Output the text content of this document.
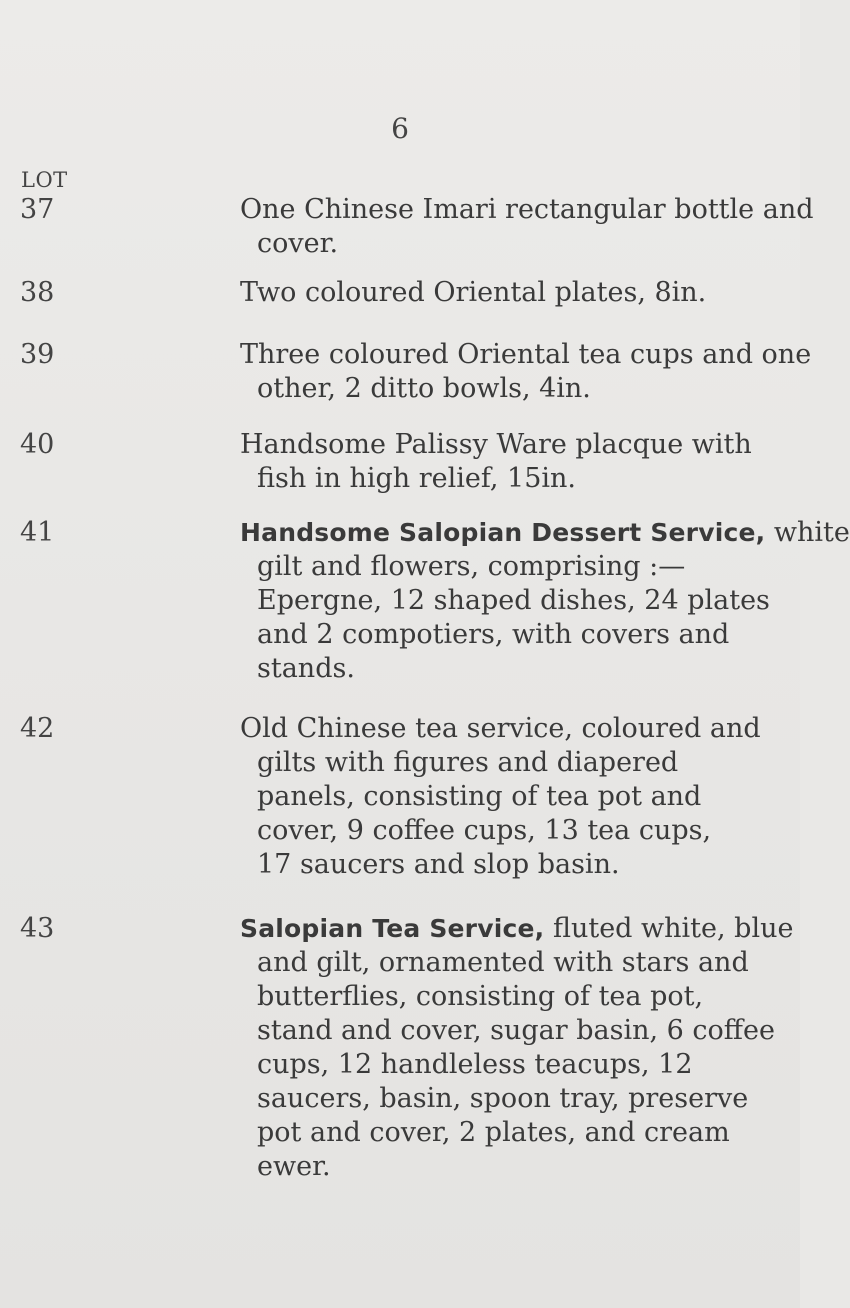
6
LOT
37	One Chinese Imari rectangular bottle and
cover.
38	Two coloured Oriental plates, 8in.
39	Three coloured Oriental tea cups and one
other, 2 ditto bowls, 4in.
40	Handsome Palissy Ware placque with
fish in high relief, 15in.
41	Handsome Salopian Dessert Service, white
gilt and flowers, comprising :—
Epergne, 12 shaped dishes, 24 plates
and 2 compotiers, with covers and
stands.
42	Old Chinese tea service, coloured and
gilts with figures and diapered
panels, consisting of tea pot and
cover, 9 coffee cups, 13 tea cups,
17 saucers and slop basin.
43	Salopian Tea Service, fluted white, blue
and gilt, ornamented with stars and
butterflies, consisting of tea pot,
stand and cover, sugar basin, 6 coffee
cups, 12 handleless teacups, 12
saucers, basin, spoon tray, preserve
pot and cover, 2 plates, and cream
ewer.
